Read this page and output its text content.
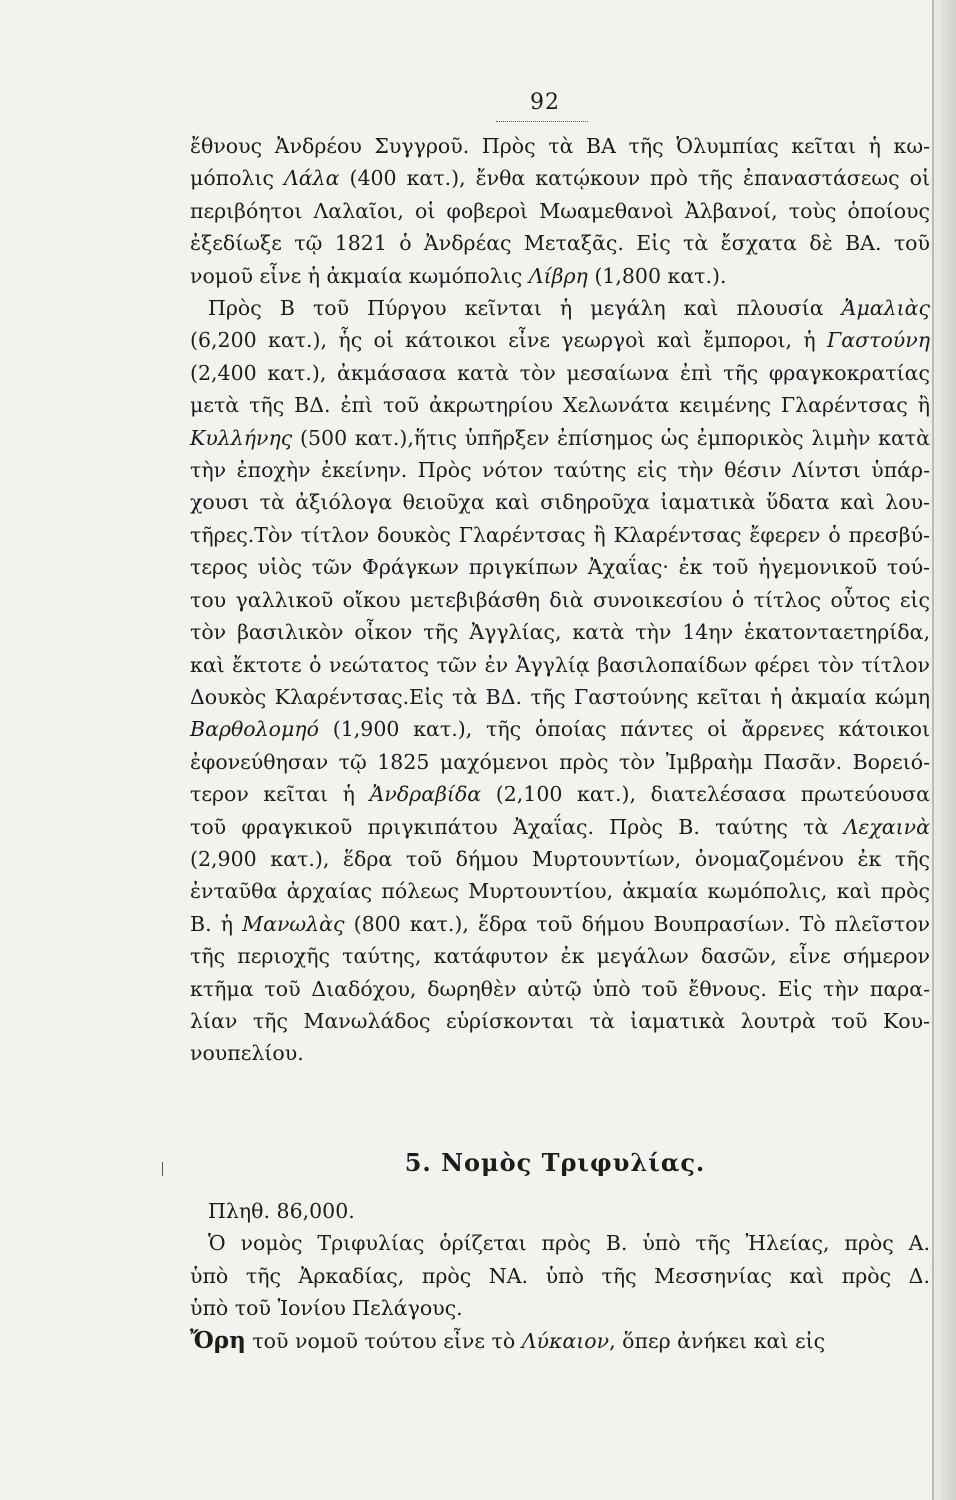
92
ἔθνους Ἀνδρέου Συγγροῦ. Πρὸς τὰ ΒΑ τῆς Ὀλυμπίας κεῖται ἡ κω-
μόπολις Λάλα (400 κατ.), ἔνθα κατῴκουν πρὸ τῆς ἐπαναστάσεως οἱ
περιβόητοι Λαλαῖοι, οἱ φοβεροὶ Μωαμεθανοὶ Ἀλβανοί, τοὺς ὁποίους
ἐξεδίωξε τῷ 1821 ὁ Ἀνδρέας Μεταξᾶς. Εἰς τὰ ἔσχατα δὲ ΒΑ. τοῦ
νομοῦ εἶνε ἡ ἀκμαία κωμόπολις Λίβρη (1,800 κατ.).
Πρὸς Β τοῦ Πύργου κεῖνται ἡ μεγάλη καὶ πλουσία Ἀμαλιὰς
(6,200 κατ.), ἧς οἱ κάτοικοι εἶνε γεωργοὶ καὶ ἔμποροι, ἡ Γαστούνη
(2,400 κατ.), ἀκμάσασα κατὰ τὸν μεσαίωνα ἐπὶ τῆς φραγκοκρατίας
μετὰ τῆς ΒΔ. ἐπὶ τοῦ ἀκρωτηρίου Χελωνάτα κειμένης Γλαρέντσας ἢ
Κυλλήνης (500 κατ.),ἥτις ὑπῆρξεν ἐπίσημος ὡς ἐμπορικὸς λιμὴν κατὰ
τὴν ἐποχὴν ἐκείνην. Πρὸς νότον ταύτης εἰς τὴν θέσιν Λίντσι ὑπάρ-
χουσι τὰ ἀξιόλογα θειοῦχα καὶ σιδηροῦχα ἰαματικὰ ὕδατα καὶ λου-
τῆρες.Τὸν τίτλον δουκὸς Γλαρέντσας ἢ Κλαρέντσας ἔφερεν ὁ πρεσβύ-
τερος υἱὸς τῶν Φράγκων πριγκίπων Ἀχαΐας· ἐκ τοῦ ἡγεμονικοῦ τού-
του γαλλικοῦ οἴκου μετεβιβάσθη διὰ συνοικεσίου ὁ τίτλος οὗτος εἰς
τὸν βασιλικὸν οἶκον τῆς Ἀγγλίας, κατὰ τὴν 14ην ἑκατονταετηρίδα,
καὶ ἔκτοτε ὁ νεώτατος τῶν ἐν Ἀγγλίᾳ βασιλοπαίδων φέρει τὸν τίτλον
Δουκὸς Κλαρέντσας.Εἰς τὰ ΒΔ. τῆς Γαστούνης κεῖται ἡ ἀκμαία κώμη
Βαρθολομηό (1,900 κατ.), τῆς ὁποίας πάντες οἱ ἄρρενες κάτοικοι
ἐφονεύθησαν τῷ 1825 μαχόμενοι πρὸς τὸν Ἰμβραὴμ Πασᾶν. Βορειό-
τερον κεῖται ἡ Ἀνδραβίδα (2,100 κατ.), διατελέσασα πρωτεύουσα
τοῦ φραγκικοῦ πριγκιπάτου Ἀχαΐας. Πρὸς Β. ταύτης τὰ Λεχαινὰ
(2,900 κατ.), ἕδρα τοῦ δήμου Μυρτουντίων, ὀνομαζομένου ἐκ τῆς
ἐνταῦθα ἀρχαίας πόλεως Μυρτουντίου, ἀκμαία κωμόπολις, καὶ πρὸς
Β. ἡ Μανωλὰς (800 κατ.), ἕδρα τοῦ δήμου Βουπρασίων. Τὸ πλεῖστον
τῆς περιοχῆς ταύτης, κατάφυτον ἐκ μεγάλων δασῶν, εἶνε σήμερον
κτῆμα τοῦ Διαδόχου, δωρηθὲν αὐτῷ ὑπὸ τοῦ ἔθνους. Εἰς τὴν παρα-
λίαν τῆς Μανωλάδος εὑρίσκονται τὰ ἰαματικὰ λουτρὰ τοῦ Κου-
νουπελίου.
5. Νομὸς Τριφυλίας.
Πληθ. 86,000.
Ὁ νομὸς Τριφυλίας ὁρίζεται πρὸς Β. ὑπὸ τῆς Ἠλείας, πρὸς Α.
ὑπὸ τῆς Ἀρκαδίας, πρὸς ΝΑ. ὑπὸ τῆς Μεσσηνίας καὶ πρὸς Δ.
ὑπὸ τοῦ Ἰονίου Πελάγους.
Ὄρη τοῦ νομοῦ τούτου εἶνε τὸ Λύκαιον, ὅπερ ἀνήκει καὶ εἰς
